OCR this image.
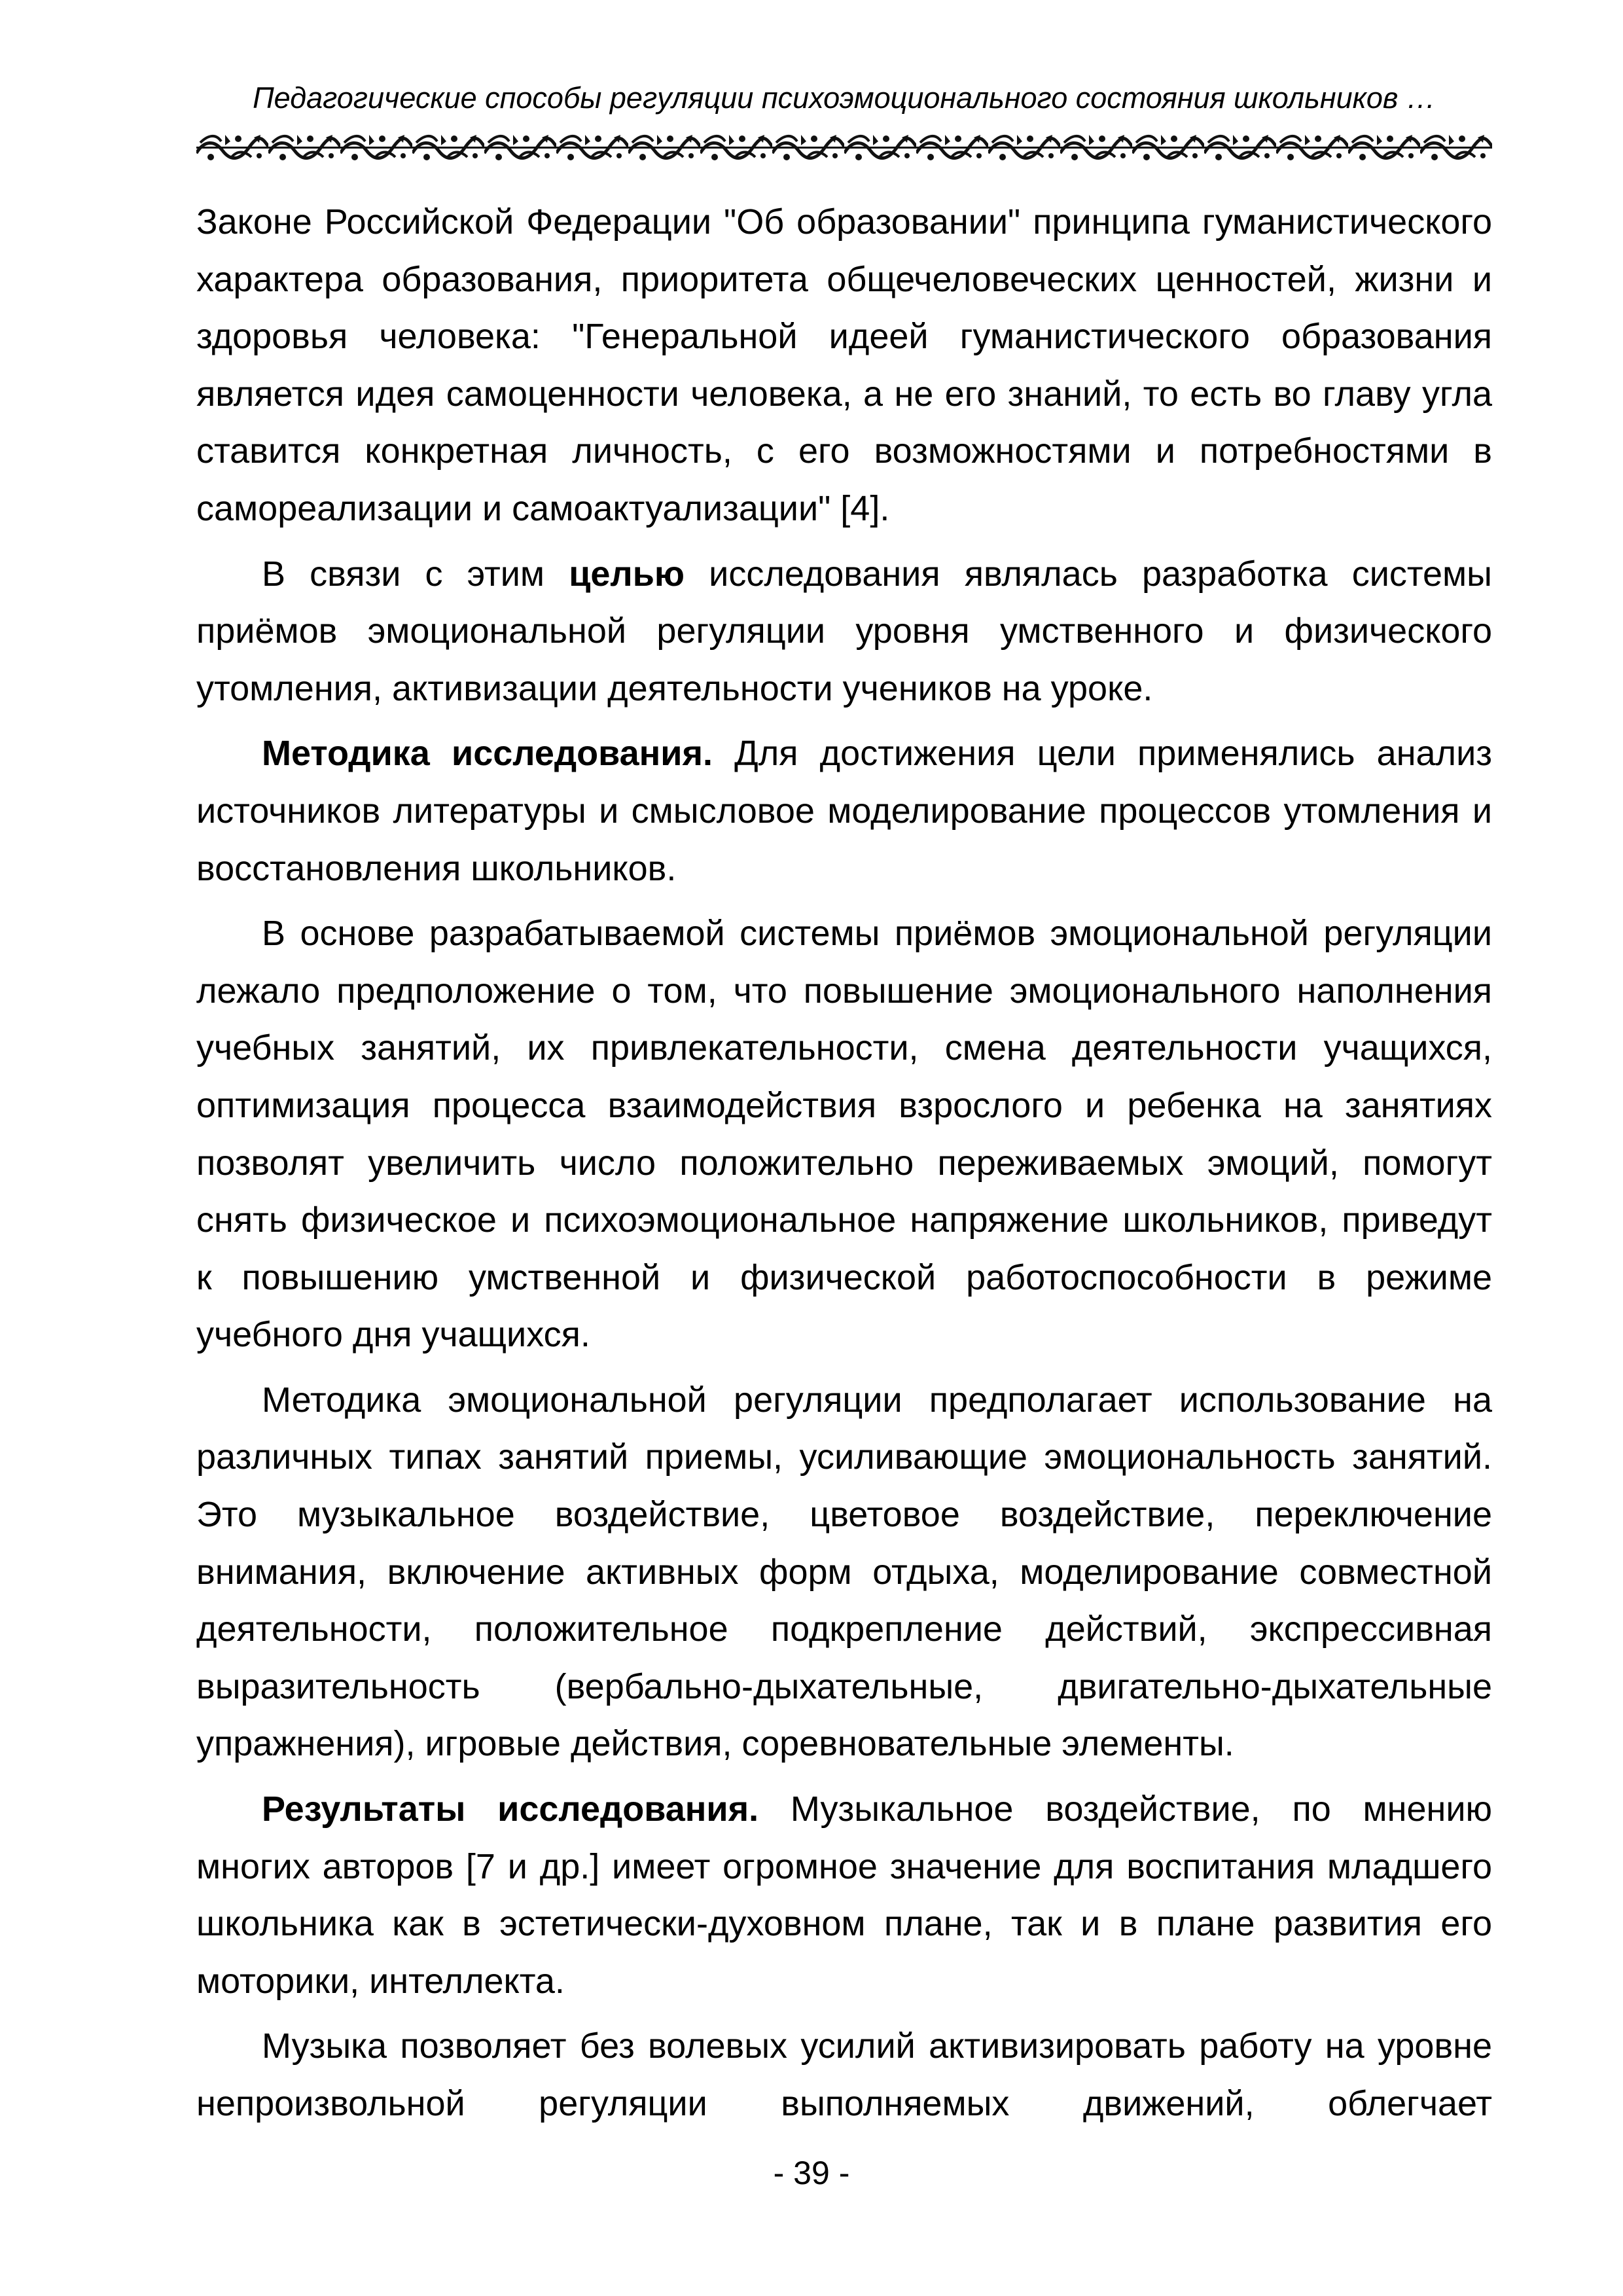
Педагогические способы регуляции психоэмоционального состояния школьников …

Законе Российской Федерации "Об образовании" принципа гуманистического характера образования, приоритета общечеловеческих ценностей, жизни и здоровья человека: "Генеральной идеей гуманистического образования является идея самоценности человека, а не его знаний, то есть во главу угла ставится конкретная личность, с его возможностями и потребностями в самореализации и самоактуализации" [4].

В связи с этим целью исследования являлась разработка системы приёмов эмоциональной регуляции уровня умственного и физического утомления, активизации деятельности учеников на уроке.

Методика исследования. Для достижения цели применялись анализ источников литературы и смысловое моделирование процессов утомления и восстановления школьников.

В основе разрабатываемой системы приёмов эмоциональной регуляции лежало предположение о том, что повышение эмоционального наполнения учебных занятий, их привлекательности, смена деятельности учащихся, оптимизация процесса взаимодействия взрослого и ребенка на занятиях позволят увеличить число положительно переживаемых эмоций, помогут снять физическое и психоэмоциональное напряжение школьников, приведут к повышению умственной и физической работоспособности в режиме учебного дня учащихся.

Методика эмоциональной регуляции предполагает использование на различных типах занятий приемы, усиливающие эмоциональность занятий. Это музыкальное воздействие, цветовое воздействие, переключение внимания, включение активных форм отдыха, моделирование совместной деятельности, положительное подкрепление действий, экспрессивная выразительность (вербально-дыхательные, двигательно-дыхательные упражнения), игровые действия, соревновательные элементы.

Результаты исследования. Музыкальное воздействие, по мнению многих авторов [7 и др.] имеет огромное значение для воспитания младшего школьника как в эстетически-духовном плане, так и в плане развития его моторики, интеллекта.

Музыка позволяет без волевых усилий активизировать работу на уровне непроизвольной регуляции выполняемых движений, облегчает

- 39 -
